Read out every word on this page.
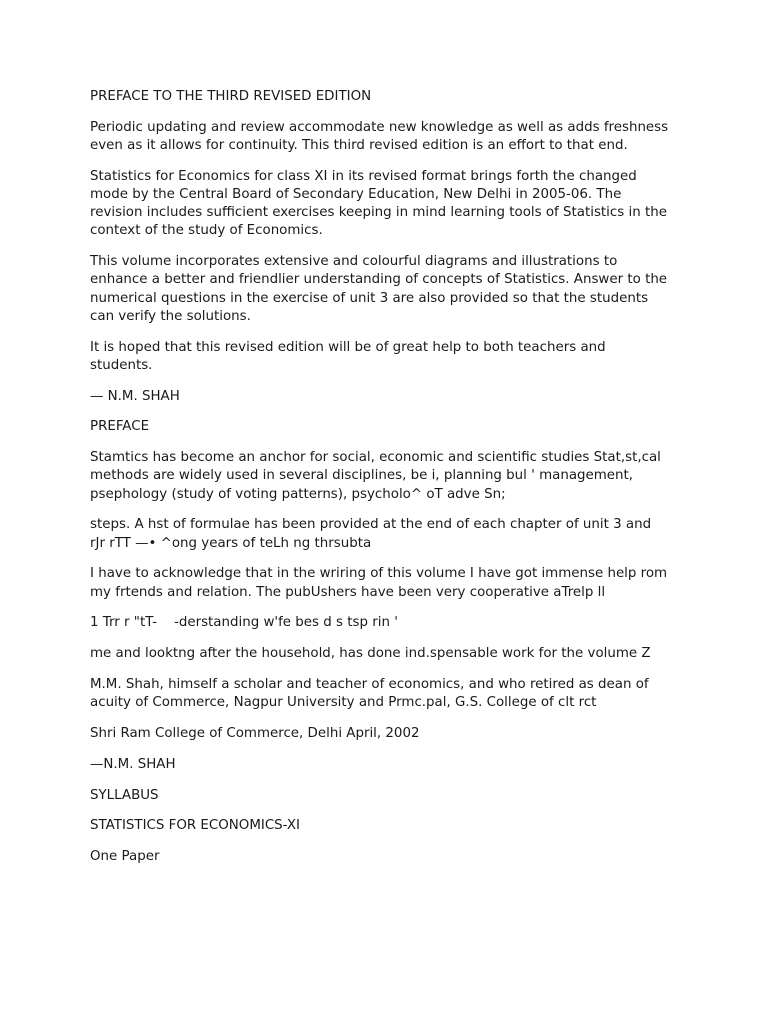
PREFACE TO THE THIRD REVISED EDITION

Periodic updating and review accommodate new knowledge as well as adds freshness even as it allows for continuity. This third revised edition is an effort to that end.

Statistics for Economics for class XI in its revised format brings forth the changed mode by the Central Board of Secondary Education, New Delhi in 2005-06. The revision includes sufficient exercises keeping in mind learning tools of Statistics in the context of the study of Economics.

This volume incorporates extensive and colourful diagrams and illustrations to enhance a better and friendlier understanding of concepts of Statistics. Answer to the numerical questions in the exercise of unit 3 are also provided so that the students can verify the solutions.

It is hoped that this revised edition will be of great help to both teachers and students.

— N.M. SHAH

PREFACE

Stamtics has become an anchor for social, economic and scientific studies Stat,st,cal methods are widely used in several disciplines, be i, planning bul ' management, psephology (study of voting patterns), psycholo^ oT adve Sn;

steps. A hst of formulae has been provided at the end of each chapter of unit 3 and rJr rTT —• ^ong years of teLh ng thrsubta

I have to acknowledge that in the wriring of this volume I have got immense help rom my frtends and relation. The pubUshers have been very cooperative aTrelp ll

1 Trr r "tT-    -derstanding w'fe bes d s tsp rin '

me and looktng after the household, has done ind.spensable work for the volume Z

M.M. Shah, himself a scholar and teacher of economics, and who retired as dean of acuity of Commerce, Nagpur University and Prmc.pal, G.S. College of clt rct

Shri Ram College of Commerce, Delhi April, 2002

—N.M. SHAH

SYLLABUS

STATISTICS FOR ECONOMICS-XI

One Paper
